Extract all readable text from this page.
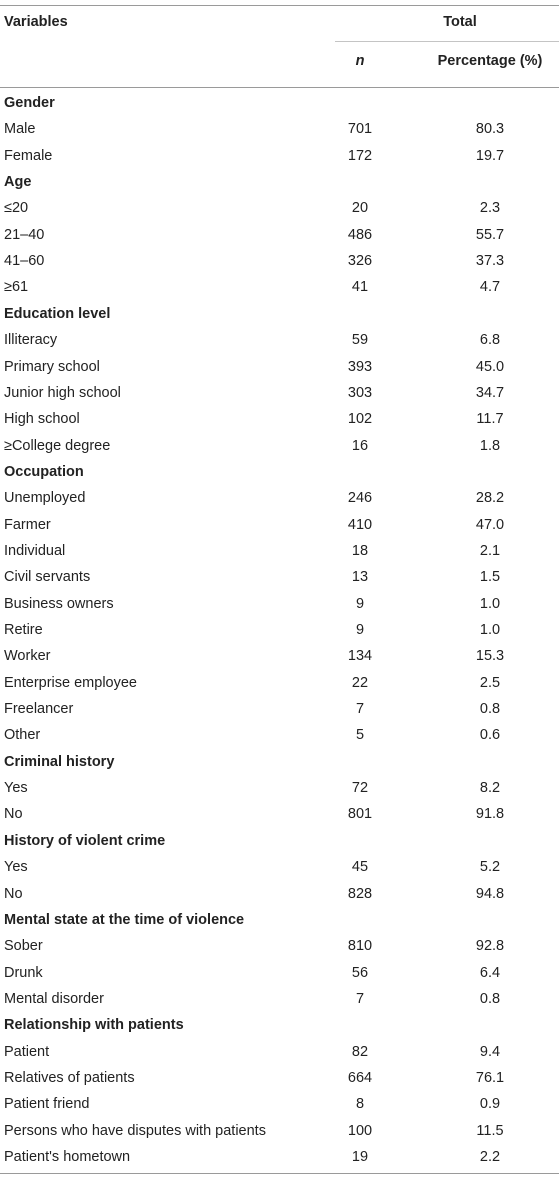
Variables	Total
n	Percentage (%)
Gender
Male	701	80.3
Female	172	19.7
Age
≤20	20	2.3
21–40	486	55.7
41–60	326	37.3
≥61	41	4.7
Education level
Illiteracy	59	6.8
Primary school	393	45.0
Junior high school	303	34.7
High school	102	11.7
≥College degree	16	1.8
Occupation
Unemployed	246	28.2
Farmer	410	47.0
Individual	18	2.1
Civil servants	13	1.5
Business owners	9	1.0
Retire	9	1.0
Worker	134	15.3
Enterprise employee	22	2.5
Freelancer	7	0.8
Other	5	0.6
Criminal history
Yes	72	8.2
No	801	91.8
History of violent crime
Yes	45	5.2
No	828	94.8
Mental state at the time of violence
Sober	810	92.8
Drunk	56	6.4
Mental disorder	7	0.8
Relationship with patients
Patient	82	9.4
Relatives of patients	664	76.1
Patient friend	8	0.9
Persons who have disputes with patients	100	11.5
Patient's hometown	19	2.2
